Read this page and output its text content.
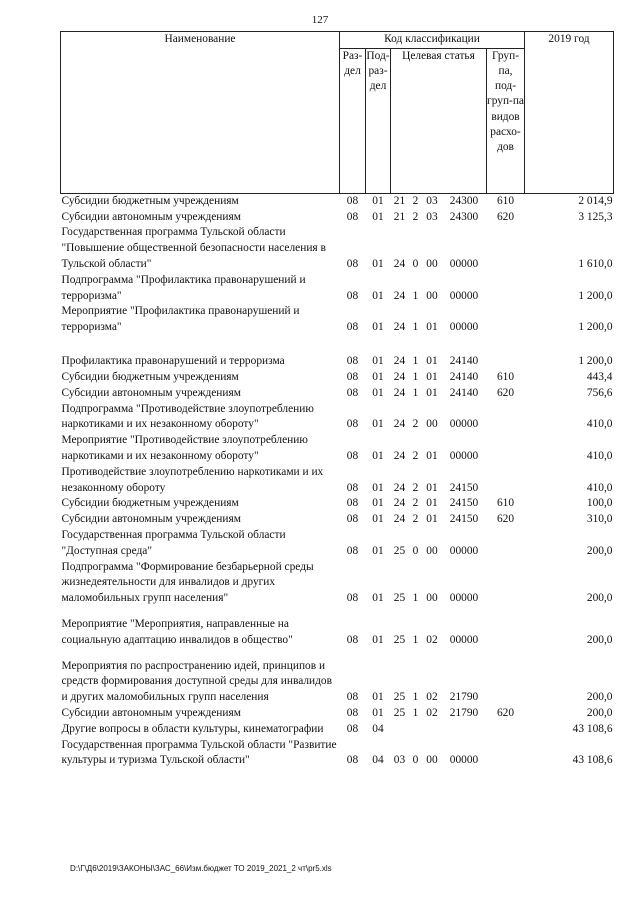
127
Наименование	Код классификации							2019 год
	Раз-дел	Под-раз-дел	Целевая статья				Груп-па, под-груп-па видов расхо-дов	
Субсидии бюджетным учреждениям	08	01	21	2	03	24300	610	2 014,9
Субсидии автономным учреждениям	08	01	21	2	03	24300	620	3 125,3
Государственная программа Тульской области "Повышение общественной безопасности населения в Тульской области"	08	01	24	0	00	00000		1 610,0
Подпрограмма "Профилактика правонарушений и терроризма"	08	01	24	1	00	00000		1 200,0
Мероприятие "Профилактика правонарушений и терроризма"	08	01	24	1	01	00000		1 200,0
Профилактика правонарушений и терроризма	08	01	24	1	01	24140		1 200,0
Субсидии бюджетным учреждениям	08	01	24	1	01	24140	610	443,4
Субсидии автономным учреждениям	08	01	24	1	01	24140	620	756,6
Подпрограмма "Противодействие злоупотреблению наркотиками и их незаконному обороту"	08	01	24	2	00	00000		410,0
Мероприятие "Противодействие злоупотреблению наркотиками и их незаконному обороту"	08	01	24	2	01	00000		410,0
Противодействие злоупотреблению наркотиками и их незаконному обороту	08	01	24	2	01	24150		410,0
Субсидии бюджетным учреждениям	08	01	24	2	01	24150	610	100,0
Субсидии автономным учреждениям	08	01	24	2	01	24150	620	310,0
Государственная программа Тульской области "Доступная среда"	08	01	25	0	00	00000		200,0
Подпрограмма "Формирование безбарьерной среды жизнедеятельности для инвалидов и других маломобильных групп населения"	08	01	25	1	00	00000		200,0

Мероприятие "Мероприятия, направленные на социальную адаптацию инвалидов в общество"	08	01	25	1	02	00000		200,0

Мероприятия по распространению идей, принципов и средств формирования доступной среды для инвалидов и других маломобильных групп населения	08	01	25	1	02	21790		200,0
Субсидии автономным учреждениям	08	01	25	1	02	21790	620	200,0
Другие вопросы в области культуры, кинематографии	08	04						43 108,6
Государственная программа Тульской области "Развитие культуры и туризма Тульской области"	08	04	03	0	00	00000		43 108,6
D:\Г\Д6\2019\ЗАКОНЫ\ЗАС_66\Изм.бюджет ТО 2019_2021_2 чт\pr5.xls
